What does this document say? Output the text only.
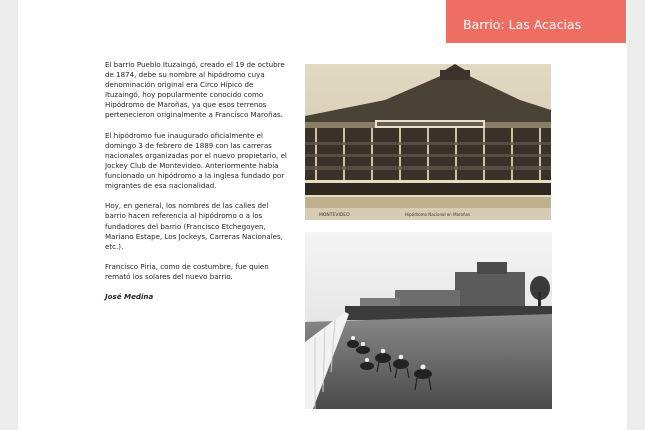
Barrio: Las Acacias

El barrio Pueblo Ituzaingó, creado el 19 de octubre de 1874, debe su nombre al hipódromo cuya denominación original era Circo Hípico de Ituzaingó, hoy popularmente conocido como Hipódromo de Maroñas, ya que esos terrenos pertenecieron originalmente a Francisco Maroñas.

El hipódromo fue inaugurado oficialmente el domingo 3 de febrero de 1889 con las carreras nacionales organizadas por el nuevo propietario, el Jockey Club de Montevideo. Anteriormente había funcionado un hipódromo a la inglesa fundado por migrantes de esa nacionalidad.

Hoy, en general, los nombres de las calles del barrio hacen referencia al hipódromo o a los fundadores del barrio (Francisco Etchegoyen, Mariano Estape, Los Jockeys, Carreras Nacionales, etc.).

Francisco Piria, como de costumbre, fue quien remató los solares del nuevo barrio.

José Medina

MONTEVIDEO	Hipódromo Nacional en Maroñas
